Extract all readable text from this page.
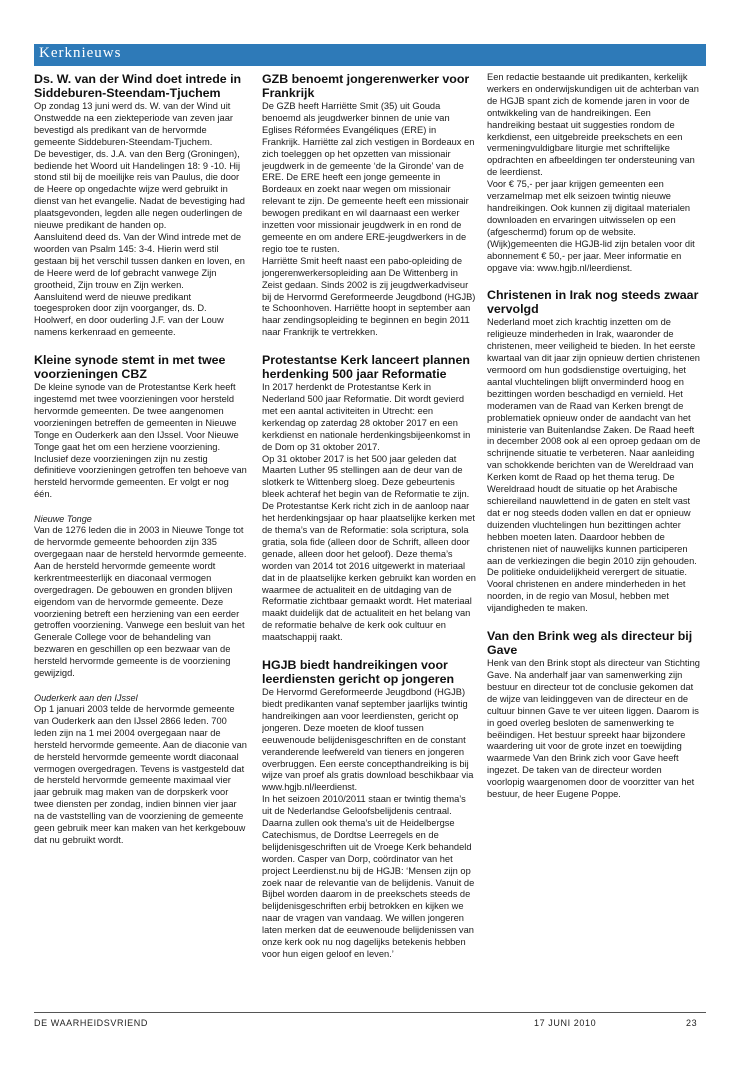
Kerknieuws
Ds. W. van der Wind doet intrede in Siddeburen-Steendam-Tjuchem

Op zondag 13 juni werd ds. W. van der Wind uit Onstwedde na een ziekteperiode van zeven jaar bevestigd als predikant van de hervormde gemeente Siddeburen-Steendam-Tjuchem.

De bevestiger, ds. J.A. van den Berg (Groningen), bediende het Woord uit Handelingen 18: 9 -10. Hij stond stil bij de moeilijke reis van Paulus, die door de Heere op ongedachte wijze werd gebruikt in dienst van het evangelie. Nadat de bevestiging had plaatsgevonden, legden alle negen ouderlingen de nieuwe predikant de handen op.

Aansluitend deed ds. Van der Wind intrede met de woorden van Psalm 145: 3-4. Hierin werd stil gestaan bij het verschil tussen danken en loven, en de Heere werd de lof gebracht vanwege Zijn grootheid, Zijn trouw en Zijn werken.

Aansluitend werd de nieuwe predikant toegesproken door zijn voorganger, ds. D. Hoolwerf, en door ouderling J.F. van der Louw namens kerkenraad en gemeente.

Kleine synode stemt in met twee voorzieningen CBZ

De kleine synode van de Protestantse Kerk heeft ingestemd met twee voorzieningen voor hersteld hervormde gemeenten. De twee aangenomen voorzieningen betreffen de gemeenten in Nieuwe Tonge en Ouderkerk aan den IJssel. Voor Nieuwe Tonge gaat het om een herziene voorziening. Inclusief deze voorzieningen zijn nu zestig definitieve voorzieningen getroffen ten behoeve van hersteld hervormde gemeenten. Er volgt er nog één.

Nieuwe Tonge

Van de 1276 leden die in 2003 in Nieuwe Tonge tot de hervormde gemeente behoorden zijn 335 overgegaan naar de hersteld hervormde gemeente. Aan de hersteld hervormde gemeente wordt kerkrentmeesterlijk en diaconaal vermogen overgedragen. De gebouwen en gronden blijven eigendom van de hervormde gemeente. Deze voorziening betreft een herziening van een eerder getroffen voorziening. Vanwege een besluit van het Generale College voor de behandeling van bezwaren en geschillen op een bezwaar van de hersteld hervormde gemeente is de voorziening gewijzigd.

Ouderkerk aan den IJssel

Op 1 januari 2003 telde de hervormde gemeente van Ouderkerk aan den IJssel 2866 leden. 700 leden zijn na 1 mei 2004 overgegaan naar de hersteld hervormde gemeente. Aan de diaconie van de hersteld hervormde gemeente wordt diaconaal vermogen overgedragen. Tevens is vastgesteld dat de hersteld hervormde gemeente maximaal vier jaar gebruik mag maken van de dorpskerk voor twee diensten per zondag, indien binnen vier jaar na de vaststelling van de voorziening de gemeente geen gebruik meer kan maken van het kerkgebouw dat nu gebruikt wordt.

GZB benoemt jongerenwerker voor Frankrijk

De GZB heeft Harriëtte Smit (35) uit Gouda benoemd als jeugdwerker binnen de unie van Eglises Réformées Evangéliques (ERE) in Frankrijk. Harriëtte zal zich vestigen in Bordeaux en zich toeleggen op het opzetten van missionair jeugdwerk in de gemeente ‘de la Gironde’ van de ERE. De ERE heeft een jonge gemeente in Bordeaux en zoekt naar wegen om missionair relevant te zijn. De gemeente heeft een missionair bewogen predikant en wil daarnaast een werker inzetten voor missionair jeugdwerk in en rond de gemeente en om andere ERE-jeugdwerkers in de regio toe te rusten.

Harriëtte Smit heeft naast een pabo-opleiding de jongerenwerkersopleiding aan De Wittenberg in Zeist gedaan. Sinds 2002 is zij jeugdwerkadviseur bij de Hervormd Gereformeerde Jeugdbond (HGJB) te Schoonhoven. Harriëtte hoopt in september aan haar zendingsopleiding te beginnen en begin 2011 naar Frankrijk te vertrekken.

Protestantse Kerk lanceert plannen herdenking 500 jaar Reformatie

In 2017 herdenkt de Protestantse Kerk in Nederland 500 jaar Reformatie. Dit wordt gevierd met een aantal activiteiten in Utrecht: een kerkendag op zaterdag 28 oktober 2017 en een kerkdienst en nationale herdenkingsbijeenkomst in de Dom op 31 oktober 2017.

Op 31 oktober 2017 is het 500 jaar geleden dat Maarten Luther 95 stellingen aan de deur van de slotkerk te Wittenberg sloeg. Deze gebeurtenis bleek achteraf het begin van de Reformatie te zijn. De Protestantse Kerk richt zich in de aanloop naar het herdenkingsjaar op haar plaatselijke kerken met de thema’s van de Reformatie: sola scriptura, sola gratia, sola fide (alleen door de Schrift, alleen door genade, alleen door het geloof). Deze thema’s worden van 2014 tot 2016 uitgewerkt in materiaal dat in de plaatselijke kerken gebruikt kan worden en waarmee de actualiteit en de uitdaging van de Reformatie zichtbaar gemaakt wordt. Het materiaal maakt duidelijk dat de actualiteit en het belang van de reformatie behalve de kerk ook cultuur en maatschappij raakt.

HGJB biedt handreikingen voor leerdiensten gericht op jongeren

De Hervormd Gereformeerde Jeugdbond (HGJB) biedt predikanten vanaf september jaarlijks twintig handreikingen aan voor leerdiensten, gericht op jongeren. Deze moeten de kloof tussen eeuwenoude belijdenisgeschriften en de constant veranderende leefwereld van tieners en jongeren overbruggen. Een eerste concepthandreiking is bij wijze van proef als gratis download beschikbaar via www.hgjb.nl/leerdienst.

In het seizoen 2010/2011 staan er twintig thema’s uit de Nederlandse Geloofsbelijdenis centraal. Daarna zullen ook thema’s uit de Heidelbergse Catechismus, de Dordtse Leerregels en de belijdenisgeschriften uit de Vroege Kerk behandeld worden. Casper van Dorp, coördinator van het project Leerdienst.nu bij de HGJB: ‘Mensen zijn op zoek naar de relevantie van de belijdenis. Vanuit de Bijbel worden daarom in de preekschets steeds de belijdenisgeschriften erbij betrokken en kijken we naar de vragen van vandaag. We willen jongeren laten merken dat de eeuwenoude belijdenissen van onze kerk ook nu nog dagelijks betekenis hebben voor hun eigen geloof en leven.’

Een redactie bestaande uit predikanten, kerkelijk werkers en onderwijskundigen uit de achterban van de HGJB spant zich de komende jaren in voor de ontwikkeling van de handreikingen. Een handreiking bestaat uit suggesties rondom de kerkdienst, een uitgebreide preekschets en een vermeningvuldigbare liturgie met schriftelijke opdrachten en afbeeldingen ter ondersteuning van de leerdienst.

Voor € 75,- per jaar krijgen gemeenten een verzamelmap met elk seizoen twintig nieuwe handreikingen. Ook kunnen zij digitaal materialen downloaden en ervaringen uitwisselen op een (afgeschermd) forum op de website. (Wijk)gemeenten die HGJB-lid zijn betalen voor dit abonnement € 50,- per jaar. Meer informatie en opgave via: www.hgjb.nl/leerdienst.

Christenen in Irak nog steeds zwaar vervolgd

Nederland moet zich krachtig inzetten om de religieuze minderheden in Irak, waaronder de christenen, meer veiligheid te bieden. In het eerste kwartaal van dit jaar zijn opnieuw dertien christenen vermoord om hun godsdienstige overtuiging, het aantal vluchtelingen blijft onverminderd hoog en bezittingen worden beschadigd en vernield. Het moderamen van de Raad van Kerken brengt de problematiek opnieuw onder de aandacht van het ministerie van Buitenlandse Zaken. De Raad heeft in december 2008 ook al een oproep gedaan om de schrijnende situatie te verbeteren. Naar aanleiding van schokkende berichten van de Wereldraad van Kerken komt de Raad op het thema terug. De Wereldraad houdt de situatie op het Arabische schiereiland nauwlettend in de gaten en stelt vast dat er nog steeds doden vallen en dat er opnieuw duizenden vluchtelingen hun bezittingen achter hebben moeten laten. Daardoor hebben de christenen niet of nauwelijks kunnen participeren aan de verkiezingen die begin 2010 zijn gehouden. De politieke onduidelijkheid verergert de situatie. Vooral christenen en andere minderheden in het noorden, in de regio van Mosul, hebben met vijandigheden te maken.

Van den Brink weg als directeur bij Gave

Henk van den Brink stopt als directeur van Stichting Gave. Na anderhalf jaar van samenwerking zijn bestuur en directeur tot de conclusie gekomen dat de wijze van leidinggeven van de directeur en de cultuur binnen Gave te ver uiteen liggen. Daarom is in goed overleg besloten de samenwerking te beëindigen. Het bestuur spreekt haar bijzondere waardering uit voor de grote inzet en toewijding waarmede Van den Brink zich voor Gave heeft ingezet. De taken van de directeur worden voorlopig waargenomen door de voorzitter van het bestuur, de heer Eugene Poppe.

DE WAARHEIDSVRIEND	17 JUNI 2010	23
